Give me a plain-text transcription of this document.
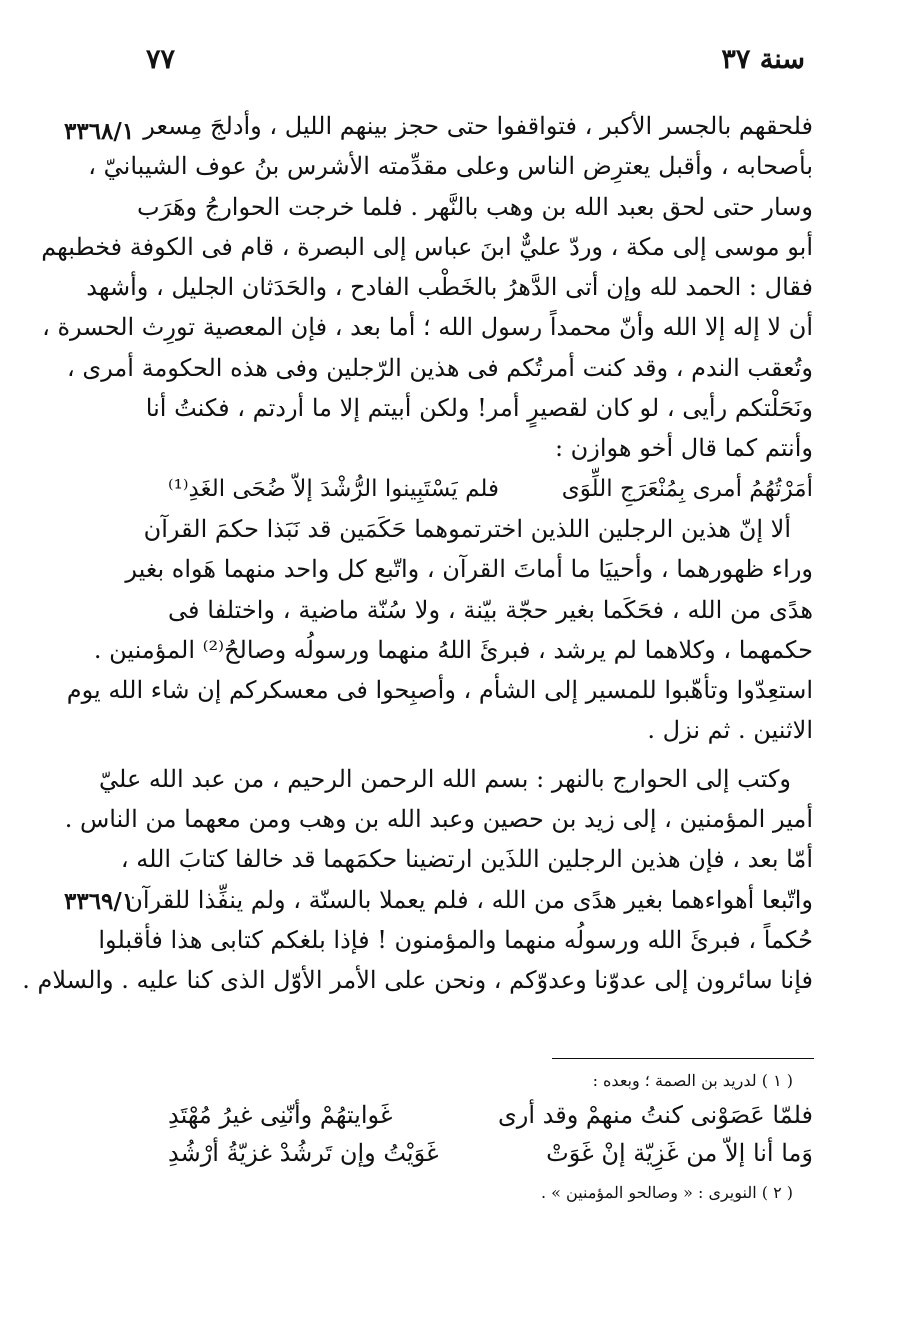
سنة ٣٧
٧٧
٣٣٦٨/١
٣٣٦٩/١
فلحقهم بالجسر الأكبر ، فتواقفوا حتى حجز بينهم الليل ، وأدلجَ مِسعر
بأصحابه ، وأقبل يعترِض الناس وعلى مقدِّمته الأشرس بنُ عوف الشيبانيّ ،
وسار حتى لحق بعبد الله بن وهب بالنَّهر . فلما خرجت الحوارجُ وهَرَب
أبو موسى إلى مكة ، وردّ عليٌّ ابنَ عباس إلى البصرة ، قام فى الكوفة فخطبهم
فقال : الحمد لله وإن أتى الدَّهرُ بالخَطْب الفادح ، والحَدَثان الجليل ، وأشهد
أن لا إله إلا الله وأنّ محمداً رسول الله ؛ أما بعد ، فإن المعصية تورِث الحسرة ،
وتُعقب الندم ، وقد كنت أمرتُكم فى هذين الرّجلين وفى هذه الحكومة أمرى ،
ونَحَلْتكم رأيى ، لو كان لقصيرٍ أمر! ولكن أبيتم إلا ما أردتم ، فكنتُ أنا
وأنتم كما قال أخو هوازن :
أمَرْتُهُمُ أمرى بِمُنْعَرَجِ اللِّوَى
فلم يَسْتَبِينوا الرُّشْدَ إلاّ ضُحَى الغَدِ⁽¹⁾
ألا إنّ هذين الرجلين اللذين اخترتموهما حَكَمَين قد نَبَذا حكمَ القرآن
وراء ظهورهما ، وأحييَا ما أماتَ القرآن ، واتّبع كل واحد منهما هَواه بغير
هدًى من الله ، فحَكَما بغير حجّة بيّنة ، ولا سُنّة ماضية ، واختلفا فى
حكمهما ، وكلاهما لم يرشد ، فبرئَ اللهُ منهما ورسولُه وصالحُ⁽²⁾ المؤمنين .
استعِدّوا وتأهّبوا للمسير إلى الشأم ، وأصبِحوا فى معسكركم إن شاء الله يوم
الاثنين . ثم نزل .
وكتب إلى الحوارج بالنهر : بسم الله الرحمن الرحيم ، من عبد الله عليّ
أمير المؤمنين ، إلى زيد بن حصين وعبد الله بن وهب ومن معهما من الناس .
أمّا بعد ، فإن هذين الرجلين اللذَين ارتضينا حكمَهما قد خالفا كتابَ الله ،
واتّبعا أهواءهما بغير هدًى من الله ، فلم يعملا بالسنّة ، ولم ينفِّذا للقرآن
حُكماً ، فبرئَ الله ورسولُه منهما والمؤمنون ! فإذا بلغكم كتابى هذا فأقبلوا
فإنا سائرون إلى عدوّنا وعدوّكم ، ونحن على الأمر الأوّل الذى كنا عليه . والسلام .
( ١ ) لدريد بن الصمة ؛ وبعده :
فلمّا عَصَوْنى كنتُ منهمْ وقد أرى
غَوايتهُمْ وأنّنِى غيرُ مُهْتَدِ
وَما أنا إلاّ من غَزِيّة إنْ غَوَتْ
غَوَيْتُ وإن تَرشُدْ غزيّةُ أرْشُدِ
( ٢ ) النويرى : « وصالحو المؤمنين » .
